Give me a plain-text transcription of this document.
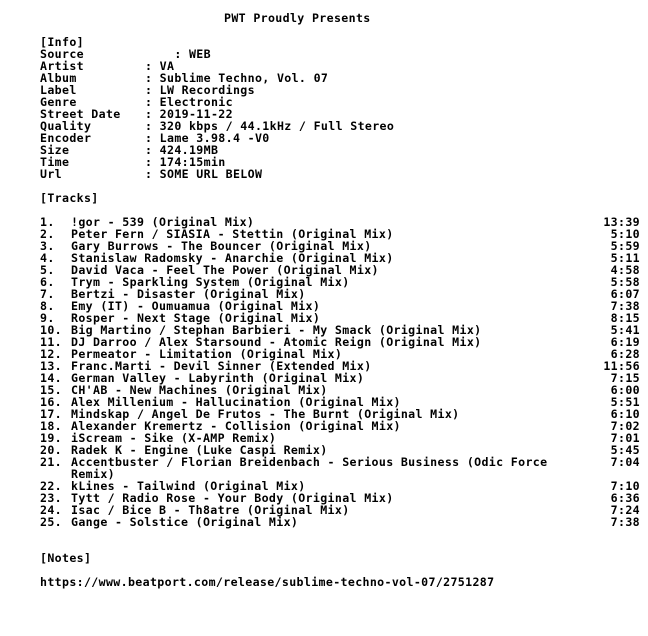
PWT Proudly Presents
[Info]
Source	: WEB
Artist	: VA
Album	: Sublime Techno, Vol. 07
Label	: LW Recordings
Genre	: Electronic
Street Date : 2019-11-22
Quality	: 320 kbps / 44.1kHz / Full Stereo
Encoder	: Lame 3.98.4 -V0
Size	: 424.19MB
Time	: 174:15min
Url	: SOME URL BELOW
[Tracks]
1. !gor - 539 (Original Mix)	13:39
2. Peter Fern / SIASIA - Stettin (Original Mix)	5:10
3. Gary Burrows - The Bouncer (Original Mix)	5:59
4. Stanislaw Radomsky - Anarchie (Original Mix)	5:11
5. David Vaca - Feel The Power (Original Mix)	4:58
6. Trym - Sparkling System (Original Mix)	5:58
7. Bertzi - Disaster (Original Mix)	6:07
8. Emy (IT) - Oumuamua (Original Mix)	7:38
9. Rosper - Next Stage (Original Mix)	8:15
10. Big Martino / Stephan Barbieri - My Smack (Original Mix)	5:41
11. DJ Darroo / Alex Starsound - Atomic Reign (Original Mix)	6:19
12. Permeator - Limitation (Original Mix)	6:28
13. Franc.Marti - Devil Sinner (Extended Mix)	11:56
14. German Valley - Labyrinth (Original Mix)	7:15
15. CH'AB - New Machines (Original Mix)	6:00
16. Alex Millenium - Hallucination (Original Mix)	5:51
17. Mindskap / Angel De Frutos - The Burnt (Original Mix)	6:10
18. Alexander Kremertz - Collision (Original Mix)	7:02
19. iScream - Sike (X-AMP Remix)	7:01
20. Radek K - Engine (Luke Caspi Remix)	5:45
21. Accentbuster / Florian Breidenbach - Serious Business (Odic Force	7:04
Remix)
22. kLines - Tailwind (Original Mix)	7:10
23. Tytt / Radio Rose - Your Body (Original Mix)	6:36
24. Isac / Bice B - Th8atre (Original Mix)	7:24
25. Gange - Solstice (Original Mix)	7:38
[Notes]
https://www.beatport.com/release/sublime-techno-vol-07/2751287
